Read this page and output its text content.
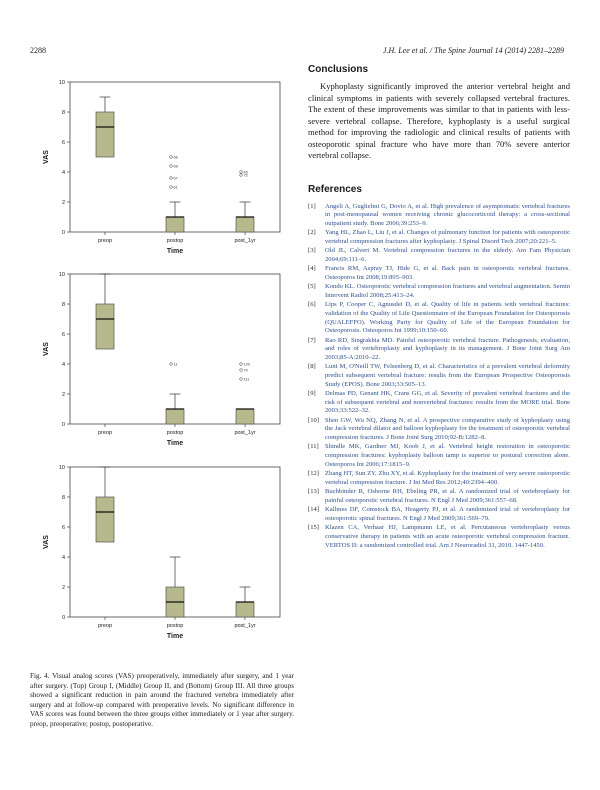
2288	J.H. Lee et al. / The Spine Journal 14 (2014) 2281–2289
0
2
4
6
8
10
VAS
preop	postop	post_1yr
Time
66
69
67
61
45
72
0
2
4
6
8
10
VAS
preop	postop	post_1yr
Time
11	120
70
111
0
2
4
6
8
10
VAS
preop	postop	post_1yr
Time
Fig. 4. Visual analog scores (VAS) preoperatively, immediately after surgery, and 1 year after surgery. (Top) Group I, (Middle) Group II, and (Bottom) Group III. All three groups showed a significant reduction in pain around the fractured vertebra immediately after surgery and at follow-up compared with preoperative levels. No significant difference in VAS scores was found between the three groups either immediately or 1 year after surgery. preop, preoperative; postop, postoperative.
Conclusions

Kyphoplasty significantly improved the anterior vertebral height and clinical symptoms in patients with severely collapsed vertebral fractures. The extent of these improvements was similar to that in patients with less-severe vertebral collapse. Therefore, kyphoplasty is a useful surgical method for improving the radiologic and clinical results of patients with osteoporotic spinal fracture who have more than 70% severe anterior vertebral collapse.

References
[1] Angeli A, Guglielmi G, Dovio A, et al. High prevalence of asymptomatic vertebral fractures in post-menopausal women receiving chronic glucocorticoid therapy: a cross-sectional outpatient study. Bone 2006;39:253–9.
[2] Yang HL, Zhao L, Liu J, et al. Changes of pulmonary function for patients with osteoporotic vertebral compression fractures after kyphoplasty. J Spinal Disord Tech 2007;20:221–5.
[3] Old JL, Calvert M. Vertebral compression fractures in the elderly. Am Fam Physician 2004;69:111–6.
[4] Francis RM, Aspray TJ, Hide G, et al. Back pain in osteoporotic vertebral fractures. Osteoporos Int 2008;19:895–903.
[5] Kondo KL. Osteoporotic vertebral compression fractures and vertebral augmentation. Semin Intervent Radiol 2008;25:413–24.
[6] Lips P, Cooper C, Agnusdei D, et al. Quality of life in patients with vertebral fractures: validation of the Quality of Life Questionnaire of the European Foundation for Osteoporosis (QUALEFFO). Working Party for Quality of Life of the European Foundation for Osteoporosis. Osteoporos Int 1999;10:150–60.
[7] Rao RD, Singrakhia MD. Painful osteoporotic vertebral fracture. Pathogenesis, evaluation, and roles of vertebroplasty and kyphoplasty in its management. J Bone Joint Surg Am 2003;85-A:2010–22.
[8] Lunt M, O'Neill TW, Felsenberg D, et al. Characteristics of a prevalent vertebral deformity predict subsequent vertebral fracture: results from the European Prospective Osteoporosis Study (EPOS). Bone 2003;33:505–13.
[9] Delmas PD, Genant HK, Crans GG, et al. Severity of prevalent vertebral fractures and the risk of subsequent vertebral and nonvertebral fractures: results from the MORE trial. Bone 2003;33:522–32.
[10] Shen GW, Wu NQ, Zhang N, et al. A prospective comparative study of kyphoplasty using the Jack vertebral dilator and balloon kyphoplasty for the treatment of osteoporotic vertebral compression fractures. J Bone Joint Surg 2010;92-B:1282–8.
[11] Shindle MK, Gardner MJ, Koob J, et al. Vertebral height restoration in osteoporotic compression fractures: kyphoplasty balloon tamp is superior to postural correction alone. Osteoporos Int 2006;17:1815–9.
[12] Zhang HT, Sun ZY, Zhu XY, et al. Kyphoplasty for the treatment of very severe osteoporotic vertebral compression fracture. J Int Med Res 2012;40:2394–400.
[13] Buchbinder R, Osborne RH, Ebeling PR, et al. A randomized trial of vertebroplasty for painful osteoporotic vertebral fractures. N Engl J Med 2009;361:557–68.
[14] Kallmes DF, Comstock BA, Heagerty PJ, et al. A randomized trial of vertebroplasty for osteoporotic spinal fractures. N Engl J Med 2009;361:569–79.
[15] Klazen CA, Verhaar HJ, Lampmann LE, et al. Percutaneous vertebroplasty versus conservative therapy in patients with an acute osteoporotic vertebral compression fracture. VERTOS II: a randomized controlled trial. Am J Neuroradiol 31, 2010. 1447-1450.
